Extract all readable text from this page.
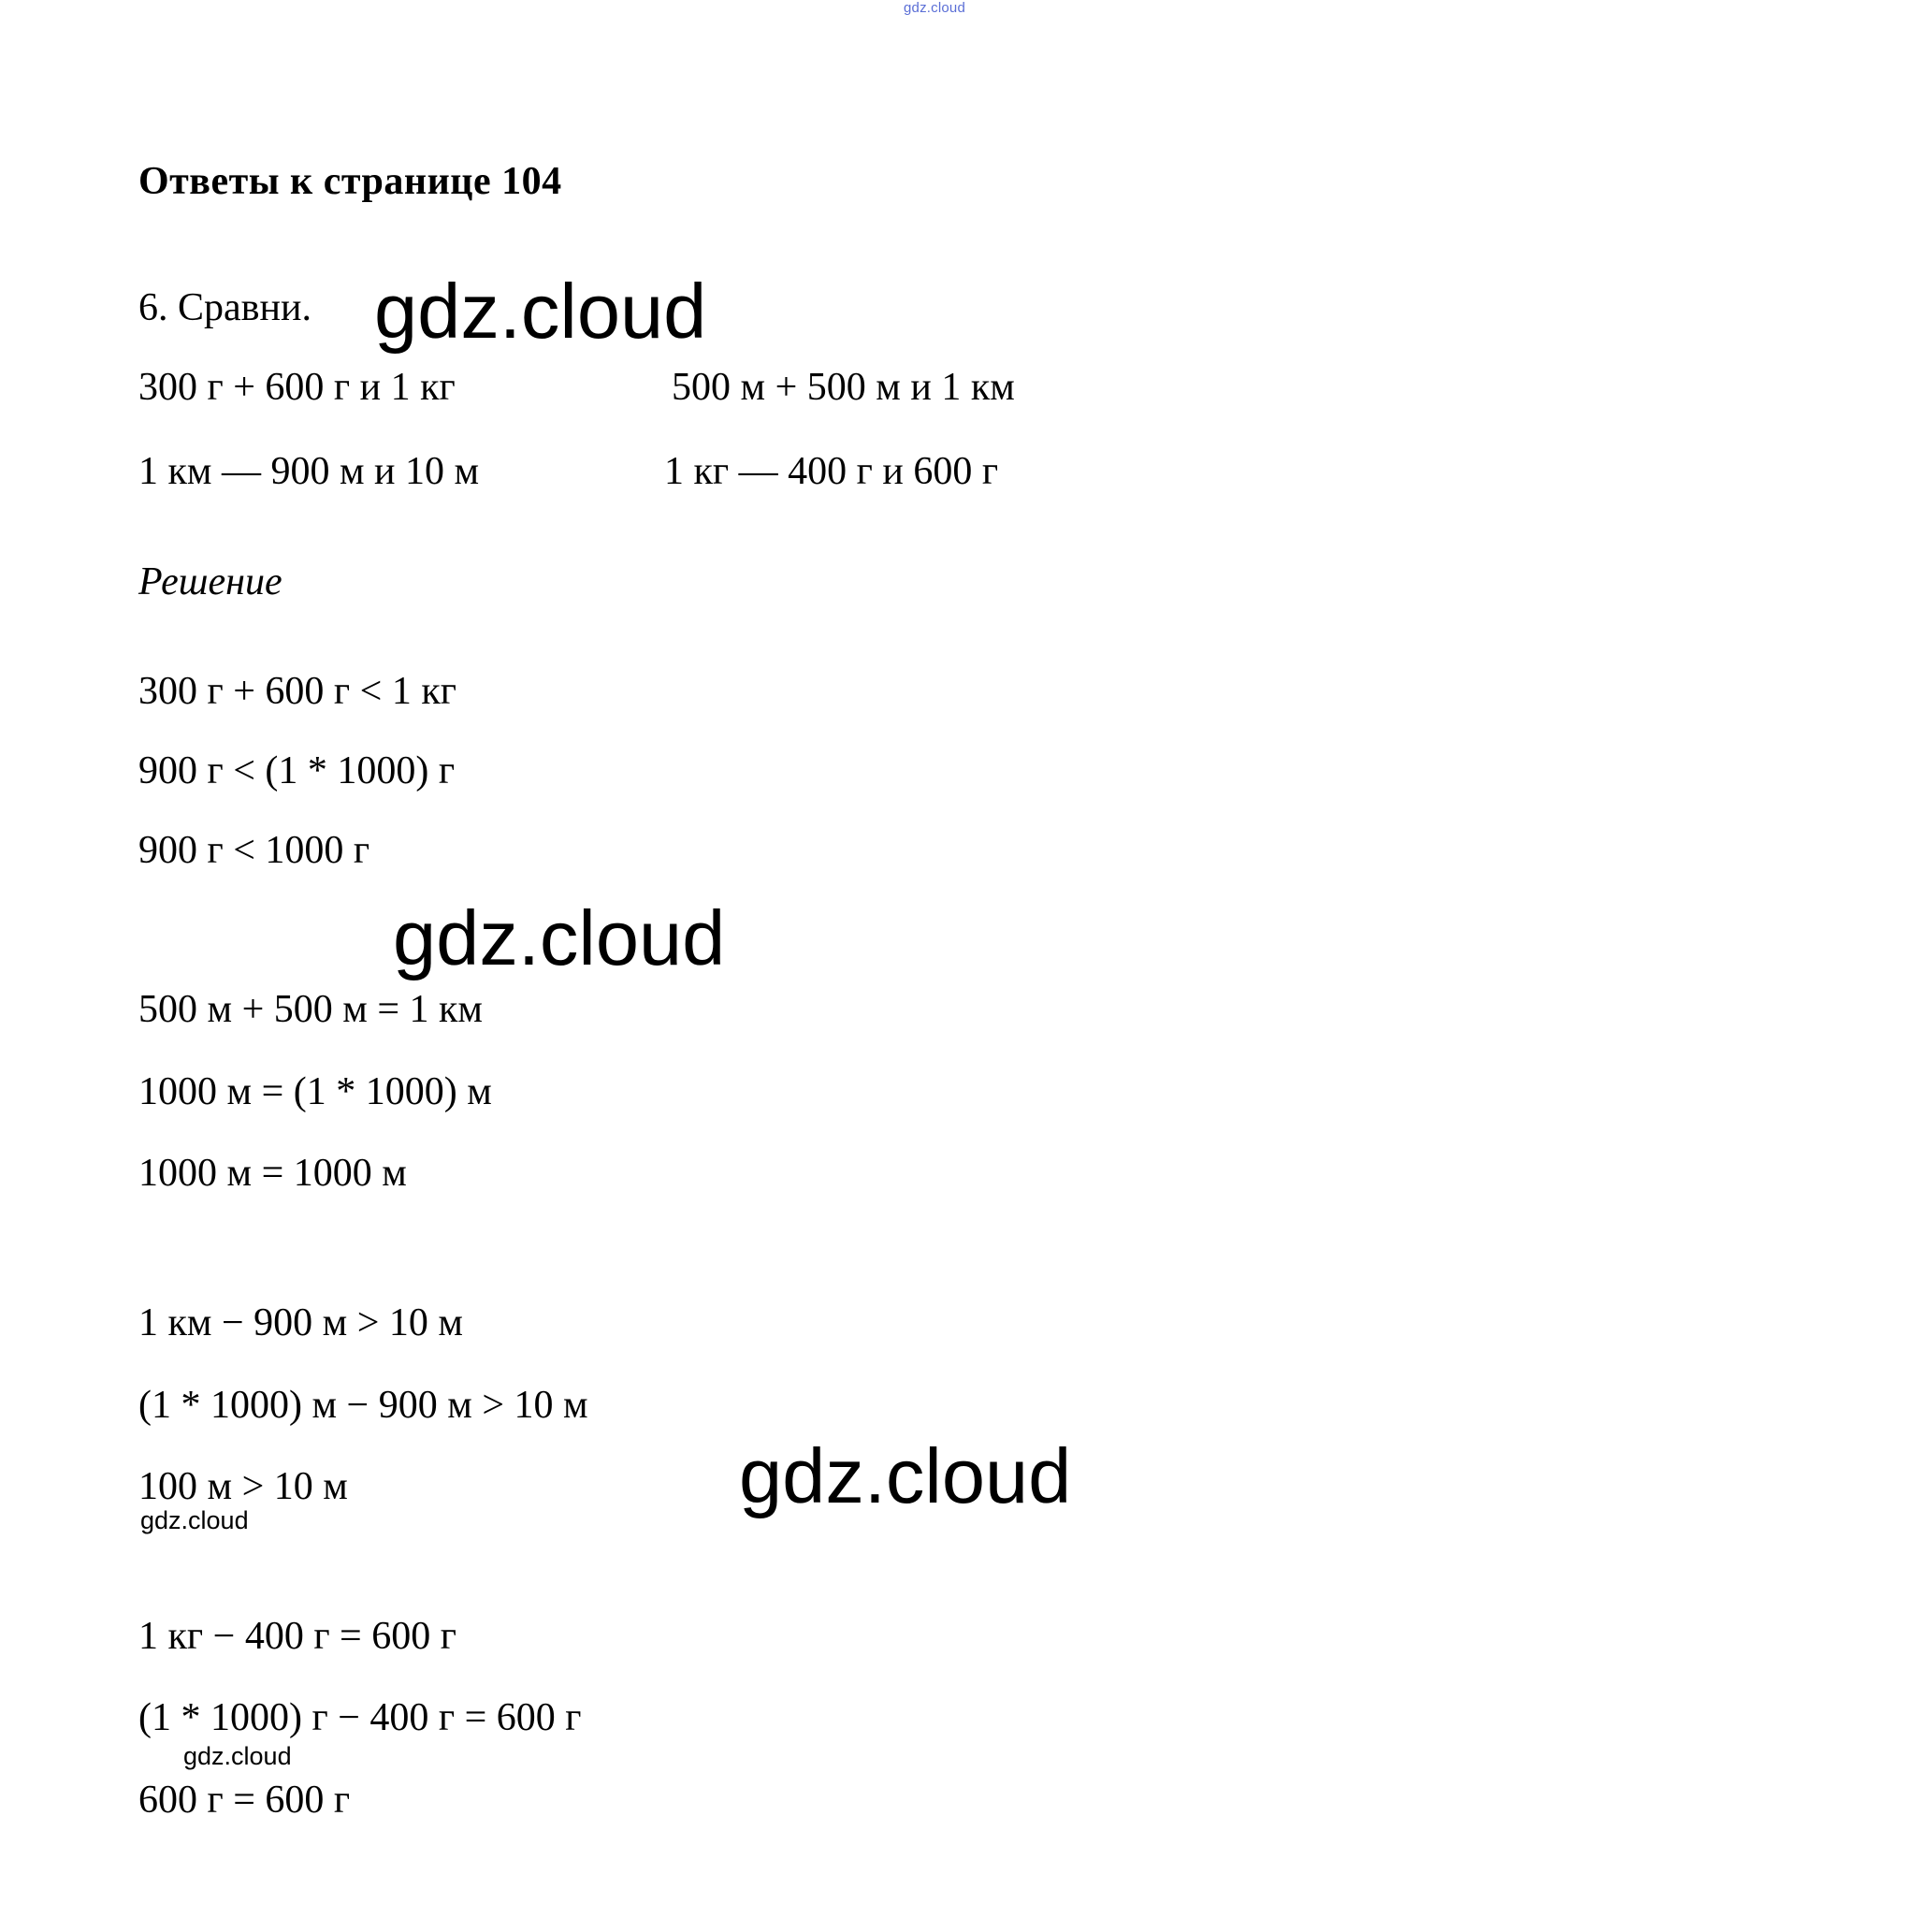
gdz.cloud
Ответы к странице 104
6. Сравни. gdz.cloud
300 г + 600 г и 1 кг
1 км — 900 м и 10 м
500 м + 500 м и 1 км
1 кг — 400 г и 600 г
Решение
300 г + 600 г < 1 кг
900 г < (1 * 1000) г
900 г < 1000 г
gdz.cloud
500 м + 500 м = 1 км
1000 м = (1 * 1000) м
1000 м = 1000 м
1 км − 900 м > 10 м
(1 * 1000) м − 900 м > 10 м
100 м > 10 м	gdz.cloud
gdz.cloud
1 кг − 400 г = 600 г
(1 * 1000) г − 400 г = 600 г
gdz.cloud
600 г = 600 г
